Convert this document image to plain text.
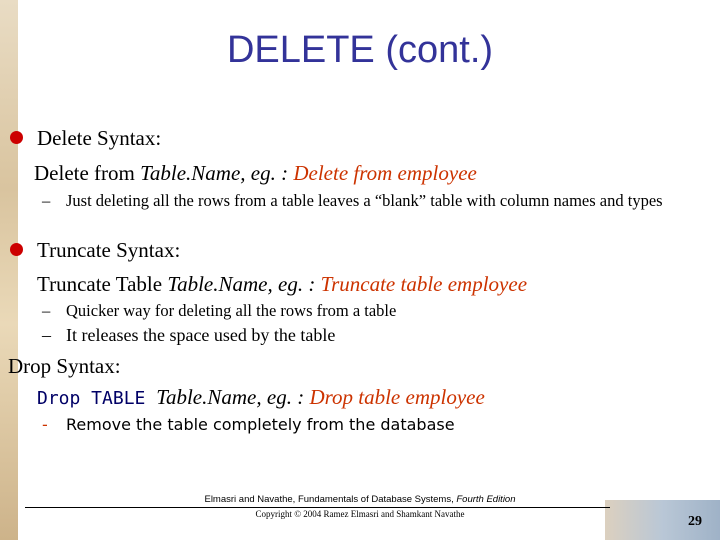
DELETE (cont.)

Delete Syntax:

Delete from Table.Name, eg. : Delete from employee

– Just deleting all the rows from a table leaves a “blank” table with column names and types

Truncate Syntax:

Truncate Table Table.Name, eg. : Truncate table employee

– Quicker way for deleting all the rows from a table
– It releases the space used by the table

Drop Syntax:

Drop TABLE Table.Name, eg. : Drop table employee

- Remove the table completely from the database
Elmasri and Navathe, Fundamentals of Database Systems, Fourth Edition
Copyright © 2004 Ramez Elmasri and Shamkant Navathe	29
